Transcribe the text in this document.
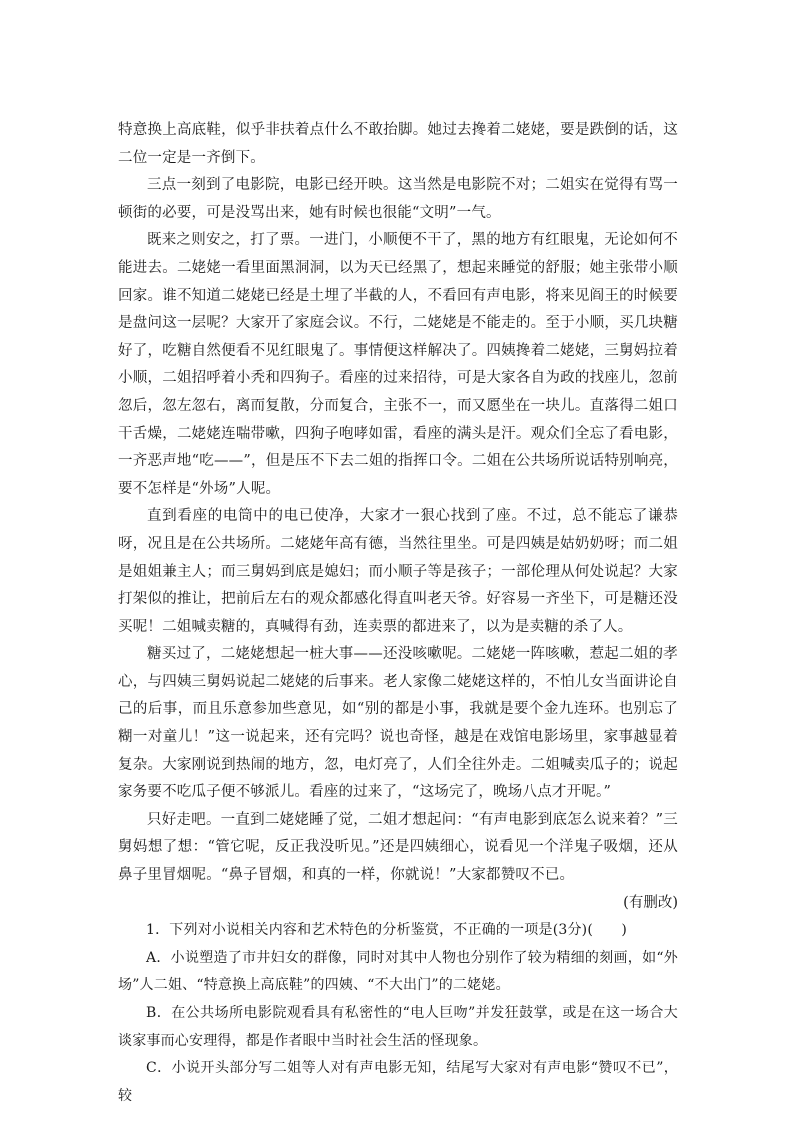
特意换上高底鞋，似乎非扶着点什么不敢抬脚。她过去搀着二姥姥，要是跌倒的话，这二位一定是一齐倒下。

三点一刻到了电影院，电影已经开映。这当然是电影院不对；二姐实在觉得有骂一顿街的必要，可是没骂出来，她有时候也很能“文明”一气。

既来之则安之，打了票。一进门，小顺便不干了，黑的地方有红眼鬼，无论如何不能进去。二姥姥一看里面黑洞洞，以为天已经黑了，想起来睡觉的舒服；她主张带小顺回家。谁不知道二姥姥已经是土埋了半截的人，不看回有声电影，将来见阎王的时候要是盘问这一层呢？大家开了家庭会议。不行，二姥姥是不能走的。至于小顺，买几块糖好了，吃糖自然便看不见红眼鬼了。事情便这样解决了。四姨搀着二姥姥，三舅妈拉着小顺，二姐招呼着小秃和四狗子。看座的过来招待，可是大家各自为政的找座儿，忽前忽后，忽左忽右，离而复散，分而复合，主张不一，而又愿坐在一块儿。直落得二姐口干舌燥，二姥姥连喘带嗽，四狗子咆哮如雷，看座的满头是汗。观众们全忘了看电影，一齐恶声地“吃——”，但是压不下去二姐的指挥口令。二姐在公共场所说话特别响亮，要不怎样是“外场”人呢。

直到看座的电筒中的电已使净，大家才一狠心找到了座。不过，总不能忘了谦恭呀，况且是在公共场所。二姥姥年高有德，当然往里坐。可是四姨是姑奶奶呀；而二姐是姐姐兼主人；而三舅妈到底是媳妇；而小顺子等是孩子；一部伦理从何处说起？大家打架似的推让，把前后左右的观众都感化得直叫老天爷。好容易一齐坐下，可是糖还没买呢！二姐喊卖糖的，真喊得有劲，连卖票的都进来了，以为是卖糖的杀了人。

糖买过了，二姥姥想起一桩大事——还没咳嗽呢。二姥姥一阵咳嗽，惹起二姐的孝心，与四姨三舅妈说起二姥姥的后事来。老人家像二姥姥这样的，不怕儿女当面讲论自己的后事，而且乐意参加些意见，如“别的都是小事，我就是要个金九连环。也别忘了糊一对童儿！”这一说起来，还有完吗？说也奇怪，越是在戏馆电影场里，家事越显着复杂。大家刚说到热闹的地方，忽，电灯亮了，人们全往外走。二姐喊卖瓜子的；说起家务要不吃瓜子便不够派儿。看座的过来了，“这场完了，晚场八点才开呢。”

只好走吧。一直到二姥姥睡了觉，二姐才想起问：“有声电影到底怎么说来着？”三舅妈想了想：“管它呢，反正我没听见。”还是四姨细心，说看见一个洋鬼子吸烟，还从鼻子里冒烟呢。“鼻子冒烟，和真的一样，你就说！”大家都赞叹不已。

(有删改)

1．下列对小说相关内容和艺术特色的分析鉴赏，不正确的一项是(3分)(　　)

A．小说塑造了市井妇女的群像，同时对其中人物也分别作了较为精细的刻画，如“外场”人二姐、“特意换上高底鞋”的四姨、“不大出门”的二姥姥。

B．在公共场所电影院观看具有私密性的“电人巨吻”并发狂鼓掌，或是在这一场合大谈家事而心安理得，都是作者眼中当时社会生活的怪现象。

C．小说开头部分写二姐等人对有声电影无知，结尾写大家对有声电影“赞叹不已”，较
